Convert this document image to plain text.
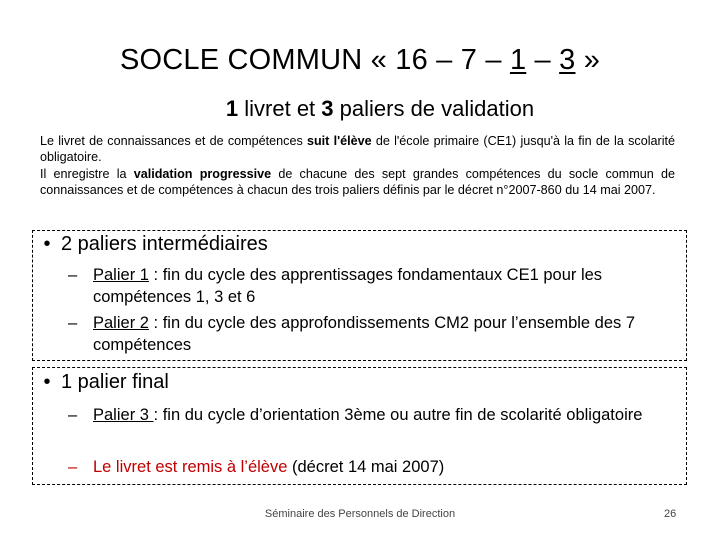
SOCLE COMMUN « 16 – 7 – 1 – 3 »
1 livret et 3 paliers de validation

Le livret de connaissances et de compétences suit l'élève de l'école primaire (CE1) jusqu'à la fin de la scolarité obligatoire.

Il enregistre la validation progressive de chacune des sept grandes compétences du socle commun de connaissances et de compétences à chacun des trois paliers définis par le décret n°2007-860 du 14 mai 2007.

• 2 paliers intermédiaires
– Palier 1 : fin du cycle des apprentissages fondamentaux CE1 pour les compétences 1, 3 et 6
– Palier 2 : fin du cycle des approfondissements CM2 pour l’ensemble des 7 compétences
• 1 palier final
– Palier 3 : fin du cycle d’orientation 3ème ou autre fin de scolarité obligatoire
– Le livret est remis à l’élève (décret 14 mai 2007)
Séminaire des Personnels de Direction	26
